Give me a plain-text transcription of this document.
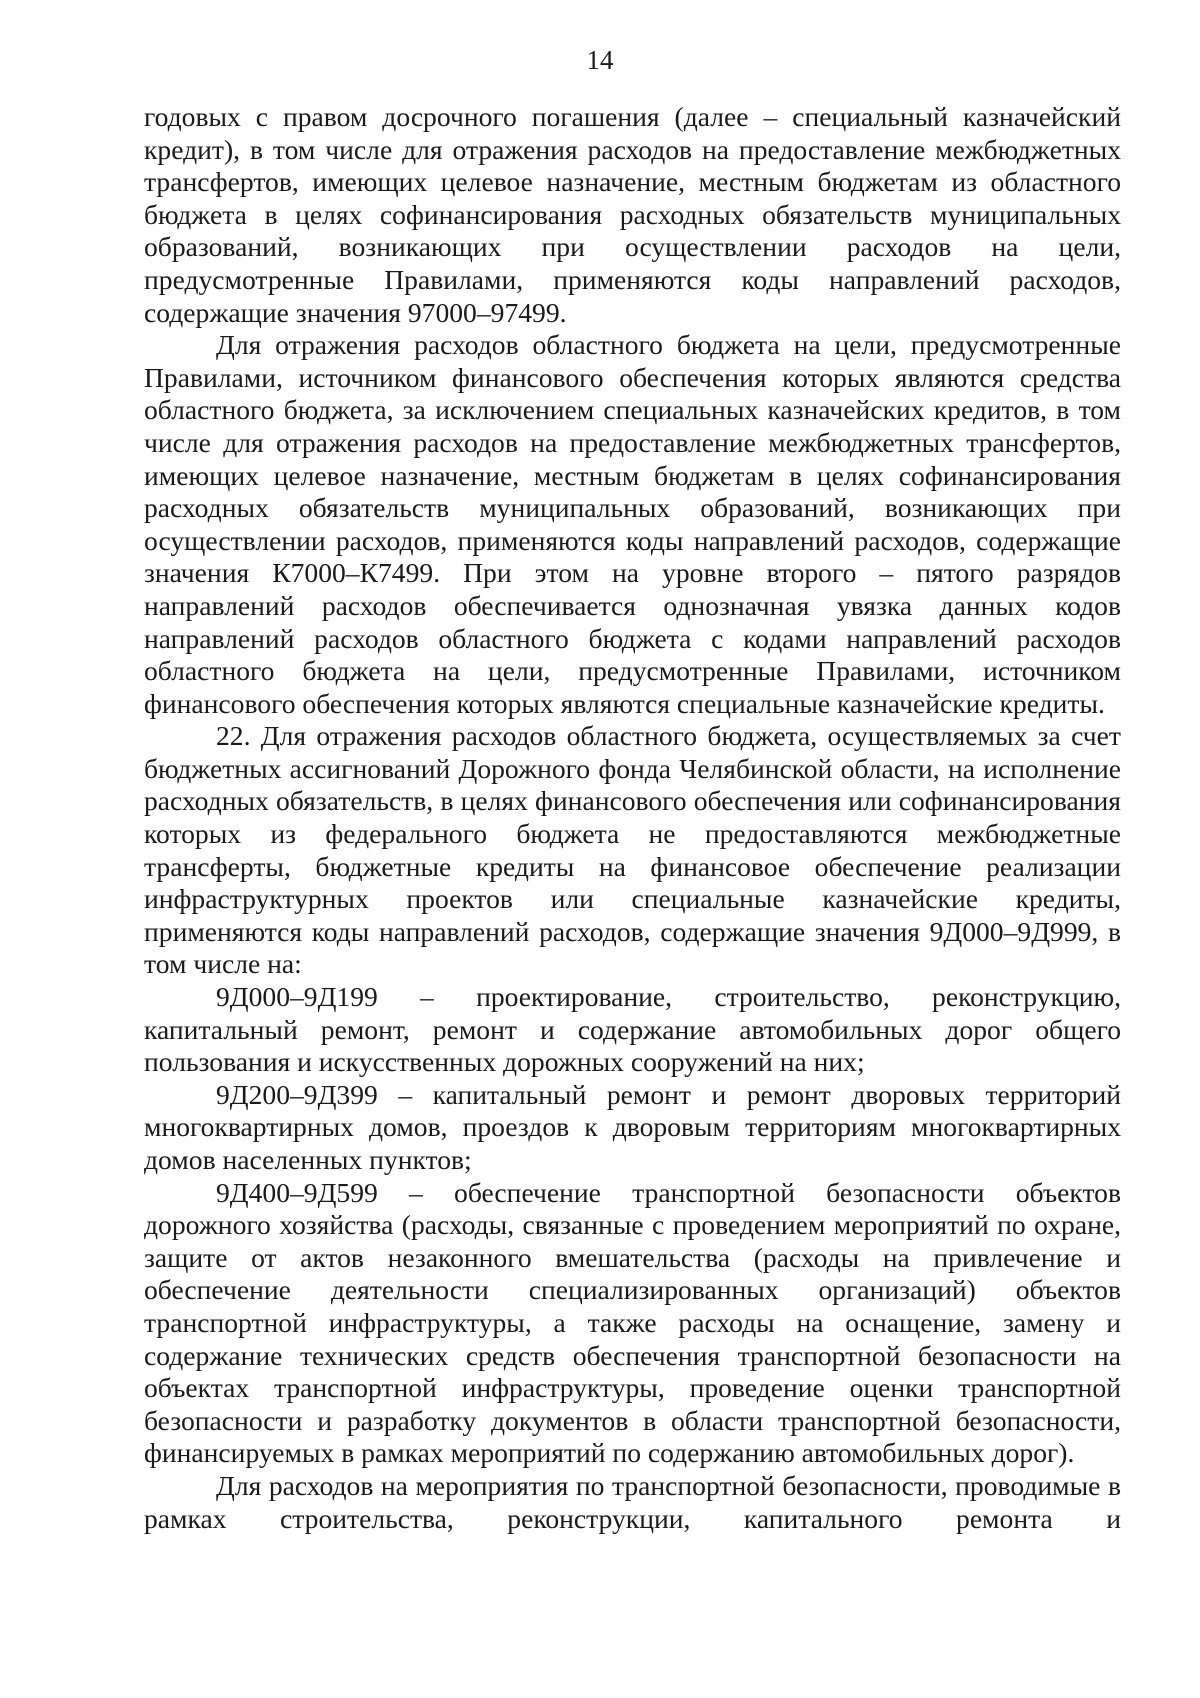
14

годовых с правом досрочного погашения (далее – специальный казначейский кредит), в том числе для отражения расходов на предоставление межбюджетных трансфертов, имеющих целевое назначение, местным бюджетам из областного бюджета в целях софинансирования расходных обязательств муниципальных образований, возникающих при осуществлении расходов на цели, предусмотренные Правилами, применяются коды направлений расходов, содержащие значения 97000–97499.

Для отражения расходов областного бюджета на цели, предусмотренные Правилами, источником финансового обеспечения которых являются средства областного бюджета, за исключением специальных казначейских кредитов, в том числе для отражения расходов на предоставление межбюджетных трансфертов, имеющих целевое назначение, местным бюджетам в целях софинансирования расходных обязательств муниципальных образований, возникающих при осуществлении расходов, применяются коды направлений расходов, содержащие значения К7000–К7499. При этом на уровне второго – пятого разрядов направлений расходов обеспечивается однозначная увязка данных кодов направлений расходов областного бюджета с кодами направлений расходов областного бюджета на цели, предусмотренные Правилами, источником финансового обеспечения которых являются специальные казначейские кредиты.

22. Для отражения расходов областного бюджета, осуществляемых за счет бюджетных ассигнований Дорожного фонда Челябинской области, на исполнение расходных обязательств, в целях финансового обеспечения или софинансирования которых из федерального бюджета не предоставляются межбюджетные трансферты, бюджетные кредиты на финансовое обеспечение реализации инфраструктурных проектов или специальные казначейские кредиты, применяются коды направлений расходов, содержащие значения 9Д000–9Д999, в том числе на:

9Д000–9Д199 – проектирование, строительство, реконструкцию, капитальный ремонт, ремонт и содержание автомобильных дорог общего пользования и искусственных дорожных сооружений на них;

9Д200–9Д399 – капитальный ремонт и ремонт дворовых территорий многоквартирных домов, проездов к дворовым территориям многоквартирных домов населенных пунктов;

9Д400–9Д599 – обеспечение транспортной безопасности объектов дорожного хозяйства (расходы, связанные с проведением мероприятий по охране, защите от актов незаконного вмешательства (расходы на привлечение и обеспечение деятельности специализированных организаций) объектов транспортной инфраструктуры, а также расходы на оснащение, замену и содержание технических средств обеспечения транспортной безопасности на объектах транспортной инфраструктуры, проведение оценки транспортной безопасности и разработку документов в области транспортной безопасности, финансируемых в рамках мероприятий по содержанию автомобильных дорог).

Для расходов на мероприятия по транспортной безопасности, проводимые в рамках строительства, реконструкции, капитального ремонта и
